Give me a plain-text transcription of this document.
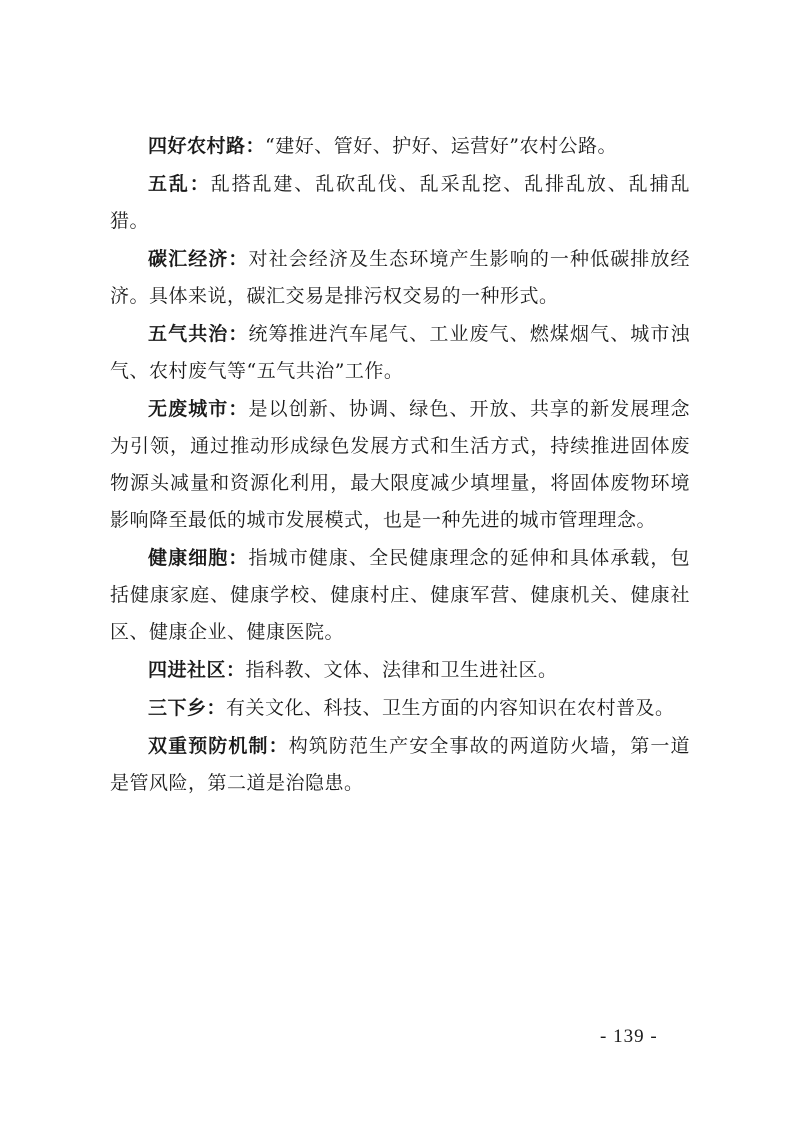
四好农村路：“建好、管好、护好、运营好”农村公路。

五乱：乱搭乱建、乱砍乱伐、乱采乱挖、乱排乱放、乱捕乱猎。

碳汇经济：对社会经济及生态环境产生影响的一种低碳排放经济。具体来说，碳汇交易是排污权交易的一种形式。

五气共治：统筹推进汽车尾气、工业废气、燃煤烟气、城市浊气、农村废气等“五气共治”工作。

无废城市：是以创新、协调、绿色、开放、共享的新发展理念为引领，通过推动形成绿色发展方式和生活方式，持续推进固体废物源头减量和资源化利用，最大限度减少填埋量，将固体废物环境影响降至最低的城市发展模式，也是一种先进的城市管理理念。

健康细胞：指城市健康、全民健康理念的延伸和具体承载，包括健康家庭、健康学校、健康村庄、健康军营、健康机关、健康社区、健康企业、健康医院。

四进社区：指科教、文体、法律和卫生进社区。

三下乡：有关文化、科技、卫生方面的内容知识在农村普及。

双重预防机制：构筑防范生产安全事故的两道防火墙，第一道是管风险，第二道是治隐患。

- 139 -
